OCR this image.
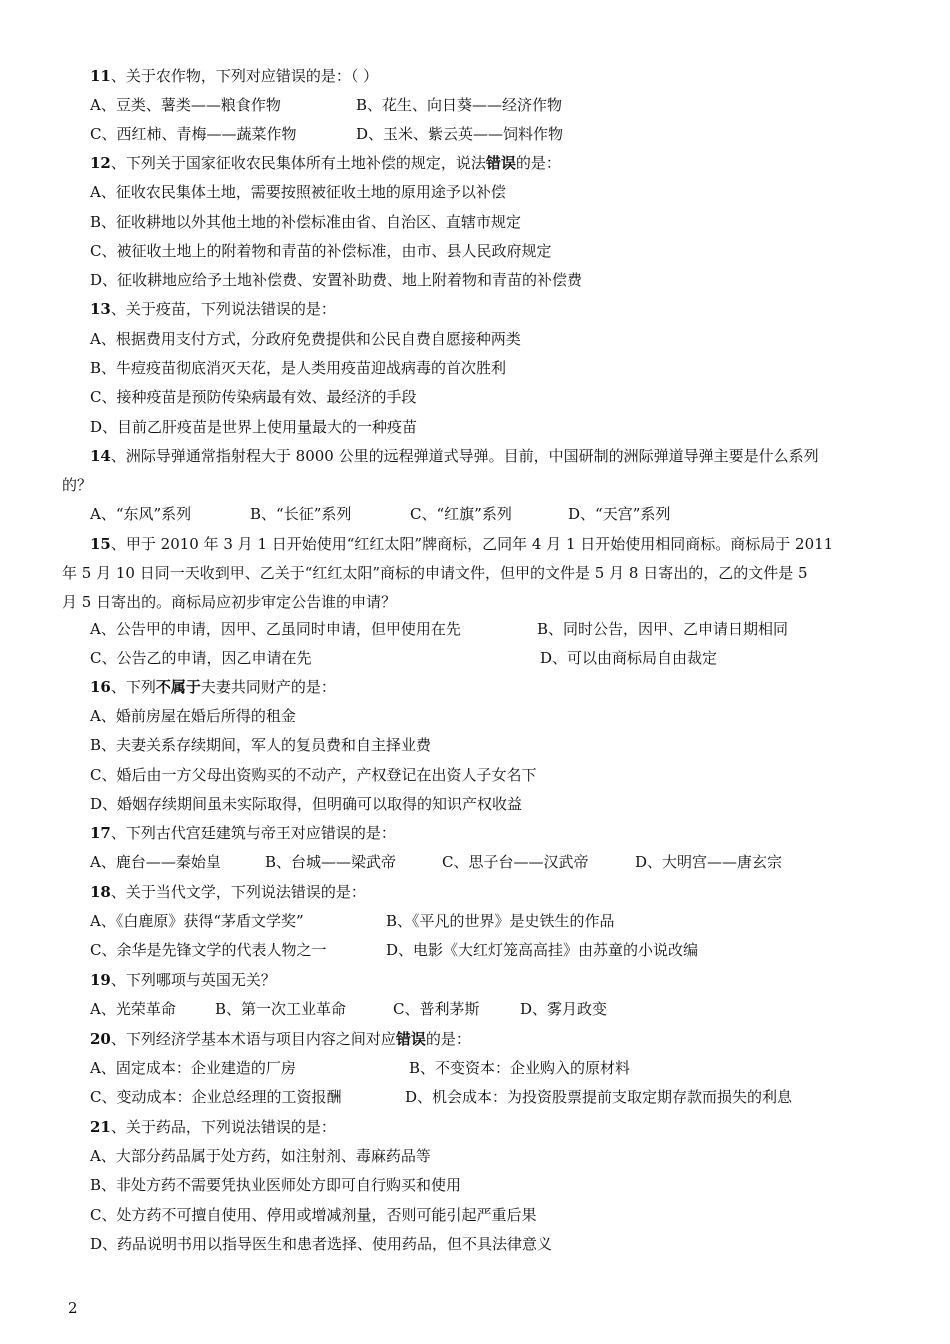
11、关于农作物，下列对应错误的是：（ ）
A、豆类、薯类——粮食作物	B、花生、向日葵——经济作物
C、西红柿、青梅——蔬菜作物	D、玉米、紫云英——饲料作物
12、下列关于国家征收农民集体所有土地补偿的规定，说法错误的是：
A、征收农民集体土地，需要按照被征收土地的原用途予以补偿
B、征收耕地以外其他土地的补偿标准由省、自治区、直辖市规定
C、被征收土地上的附着物和青苗的补偿标准，由市、县人民政府规定
D、征收耕地应给予土地补偿费、安置补助费、地上附着物和青苗的补偿费
13、关于疫苗，下列说法错误的是：
A、根据费用支付方式，分政府免费提供和公民自费自愿接种两类
B、牛痘疫苗彻底消灭天花，是人类用疫苗迎战病毒的首次胜利
C、接种疫苗是预防传染病最有效、最经济的手段
D、目前乙肝疫苗是世界上使用量最大的一种疫苗
14、洲际导弹通常指射程大于 8000 公里的远程弹道式导弹。目前，中国研制的洲际弹道导弹主要是什么系列
的？
A、“东风”系列	B、“长征”系列	C、“红旗”系列	D、“天宫”系列
15、甲于 2010 年 3 月 1 日开始使用“红红太阳”牌商标，乙同年 4 月 1 日开始使用相同商标。商标局于 2011
年 5 月 10 日同一天收到甲、乙关于“红红太阳”商标的申请文件，但甲的文件是 5 月 8 日寄出的，乙的文件是 5
月 5 日寄出的。商标局应初步审定公告谁的申请？
A、公告甲的申请，因甲、乙虽同时申请，但甲使用在先	B、同时公告，因甲、乙申请日期相同
C、公告乙的申请，因乙申请在先	D、可以由商标局自由裁定
16、下列不属于夫妻共同财产的是：
A、婚前房屋在婚后所得的租金
B、夫妻关系存续期间，军人的复员费和自主择业费
C、婚后由一方父母出资购买的不动产，产权登记在出资人子女名下
D、婚姻存续期间虽未实际取得，但明确可以取得的知识产权收益
17、下列古代宫廷建筑与帝王对应错误的是：
A、鹿台——秦始皇	B、台城——梁武帝	C、思子台——汉武帝	D、大明宫——唐玄宗
18、关于当代文学，下列说法错误的是：
A、《白鹿原》获得“茅盾文学奖”	B、《平凡的世界》是史铁生的作品
C、余华是先锋文学的代表人物之一	D、电影《大红灯笼高高挂》由苏童的小说改编
19、下列哪项与英国无关？
A、光荣革命	B、第一次工业革命	C、普利茅斯	D、雾月政变
20、下列经济学基本术语与项目内容之间对应错误的是：
A、固定成本：企业建造的厂房	B、不变资本：企业购入的原材料
C、变动成本：企业总经理的工资报酬	D、机会成本：为投资股票提前支取定期存款而损失的利息
21、关于药品，下列说法错误的是：
A、大部分药品属于处方药，如注射剂、毒麻药品等
B、非处方药不需要凭执业医师处方即可自行购买和使用
C、处方药不可擅自使用、停用或增减剂量，否则可能引起严重后果
D、药品说明书用以指导医生和患者选择、使用药品，但不具法律意义
2
